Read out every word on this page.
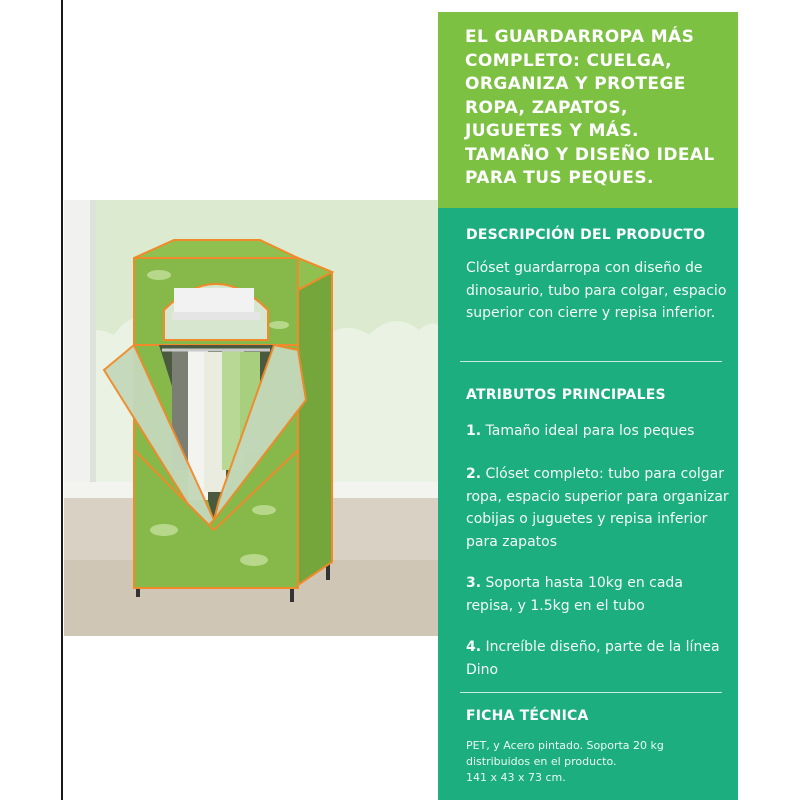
EL GUARDARROPA MÁS COMPLETO: CUELGA, ORGANIZA Y PROTEGE ROPA, ZAPATOS, JUGUETES Y MÁS. TAMAÑO Y DISEÑO IDEAL PARA TUS PEQUES.
DESCRIPCIÓN DEL PRODUCTO
Clóset guardarropa con diseño de dinosaurio, tubo para colgar, espacio superior con cierre y repisa inferior.
ATRIBUTOS PRINCIPALES
1. Tamaño ideal para los peques
2. Clóset completo: tubo para colgar ropa, espacio superior para organizar cobijas o juguetes y repisa inferior para zapatos
3. Soporta hasta 10kg en cada repisa, y 1.5kg en el tubo
4. Increíble diseño, parte de la línea Dino
FICHA TÉCNICA
PET, y Acero pintado. Soporta 20 kg distribuidos en el producto.
141 x 43 x 73 cm.
